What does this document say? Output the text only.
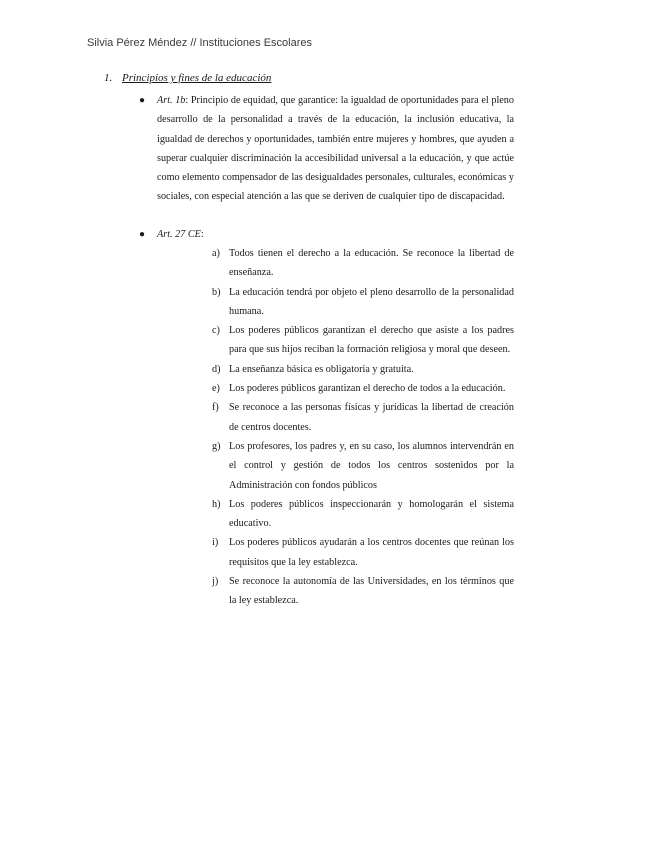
Silvia Pérez Méndez // Instituciones Escolares
1. Principios y fines de la educación
●	Art. 1b: Principio de equidad, que garantice: la igualdad de oportunidades para el pleno desarrollo de la personalidad a través de la educación, la inclusión educativa, la igualdad de derechos y oportunidades, también entre mujeres y hombres, que ayuden a superar cualquier discriminación la accesibilidad universal a la educación, y que actúe como elemento compensador de las desigualdades personales, culturales, económicas y sociales, con especial atención a las que se deriven de cualquier tipo de discapacidad.
●	Art. 27 CE:
a) Todos tienen el derecho a la educación. Se reconoce la libertad de enseñanza.
b) La educación tendrá por objeto el pleno desarrollo de la personalidad humana.
c) Los poderes públicos garantizan el derecho que asiste a los padres para que sus hijos reciban la formación religiosa y moral que deseen.
d) La enseñanza básica es obligatoria y gratuita.
e) Los poderes públicos garantizan el derecho de todos a la educación.
f)	Se reconoce a las personas físicas y jurídicas la libertad de creación de centros docentes.
g) Los profesores, los padres y, en su caso, los alumnos intervendrán en el control y gestión de todos los centros sostenidos por la Administración con fondos públicos
h) Los poderes públicos inspeccionarán y homologarán el sistema educativo.
i)	Los poderes públicos ayudarán a los centros docentes que reúnan los requisitos que la ley establezca.
j)	Se reconoce la autonomía de las Universidades, en los términos que la ley establezca.
